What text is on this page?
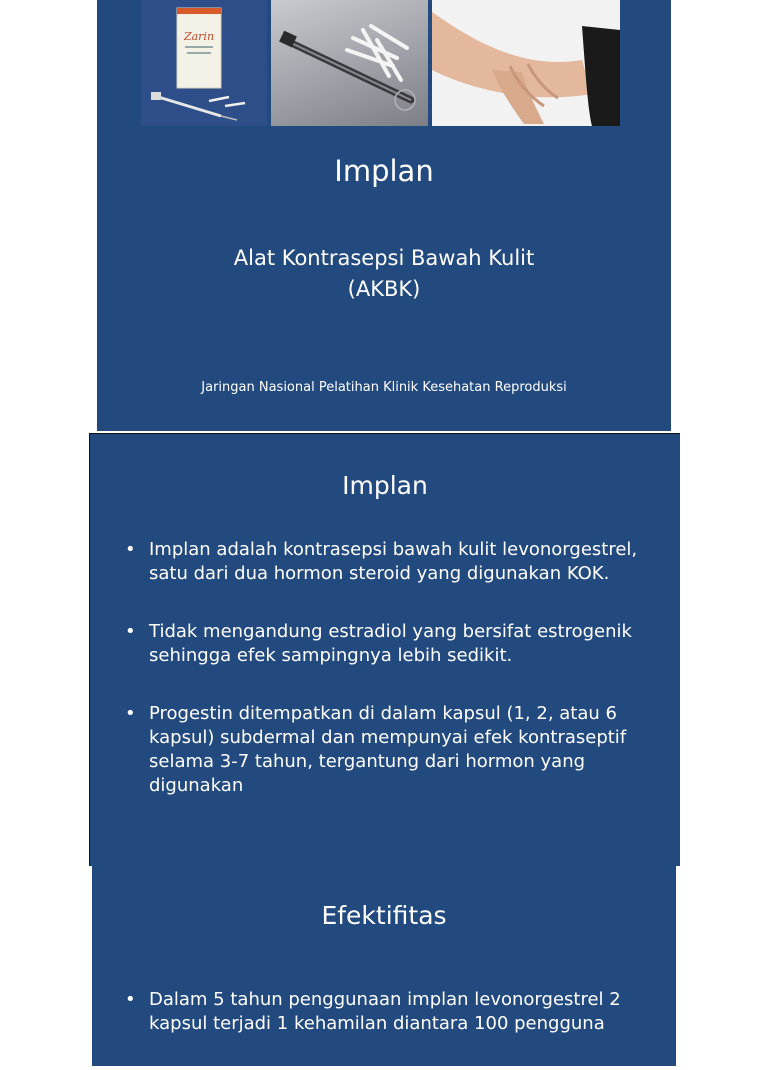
Zarin
Implan
Alat Kontrasepsi Bawah Kulit
(AKBK)
Jaringan Nasional Pelatihan Klinik Kesehatan Reproduksi
Implan
• Implan adalah kontrasepsi bawah kulit levonorgestrel, satu dari dua hormon steroid yang digunakan KOK.
• Tidak mengandung estradiol yang bersifat estrogenik sehingga efek sampingnya lebih sedikit.
• Progestin ditempatkan di dalam kapsul (1, 2, atau 6 kapsul) subdermal dan mempunyai efek kontraseptif selama 3-7 tahun, tergantung dari hormon yang digunakan
Efektifitas
• Dalam 5 tahun penggunaan implan levonorgestrel 2 kapsul terjadi 1 kehamilan diantara 100 pengguna
